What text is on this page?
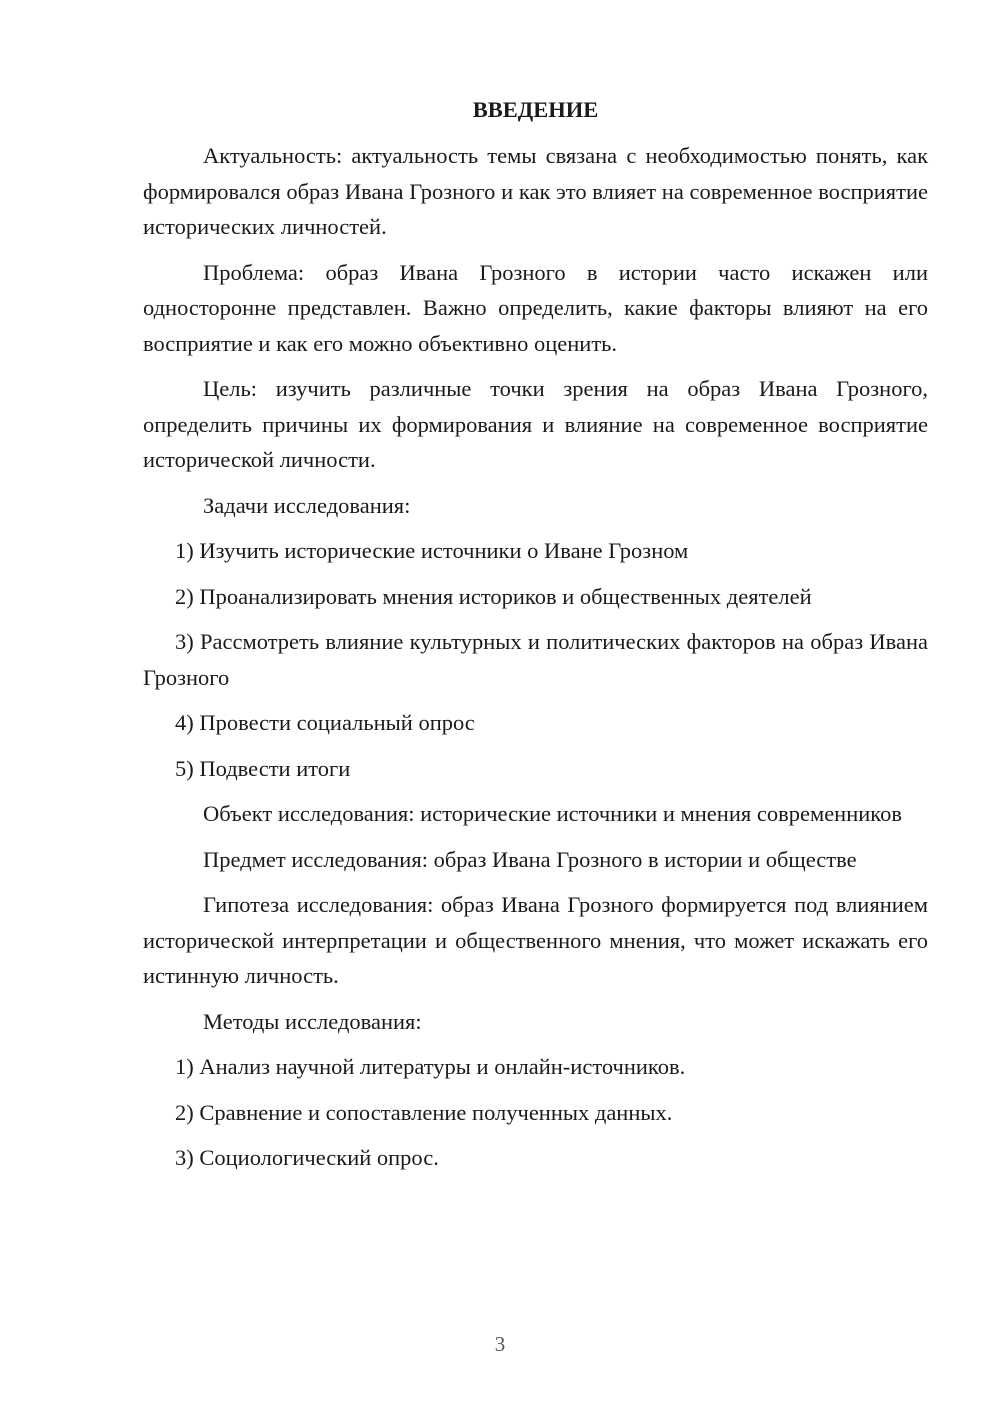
ВВЕДЕНИЕ

Актуальность: актуальность темы связана с необходимостью понять, как формировался образ Ивана Грозного и как это влияет на современное восприятие исторических личностей.

Проблема: образ Ивана Грозного в истории часто искажен или односторонне представлен. Важно определить, какие факторы влияют на его восприятие и как его можно объективно оценить.

Цель: изучить различные точки зрения на образ Ивана Грозного, определить причины их формирования и влияние на современное восприятие исторической личности.

Задачи исследования:

1) Изучить исторические источники о Иване Грозном

2) Проанализировать мнения историков и общественных деятелей

3) Рассмотреть влияние культурных и политических факторов на образ Ивана Грозного

4) Провести социальный опрос

5) Подвести итоги

Объект исследования: исторические источники и мнения современников

Предмет исследования: образ Ивана Грозного в истории и обществе

Гипотеза исследования: образ Ивана Грозного формируется под влиянием исторической интерпретации и общественного мнения, что может искажать его истинную личность.

Методы исследования:

1) Анализ научной литературы и онлайн-источников.

2) Сравнение и сопоставление полученных данных.

3) Социологический опрос.

3
